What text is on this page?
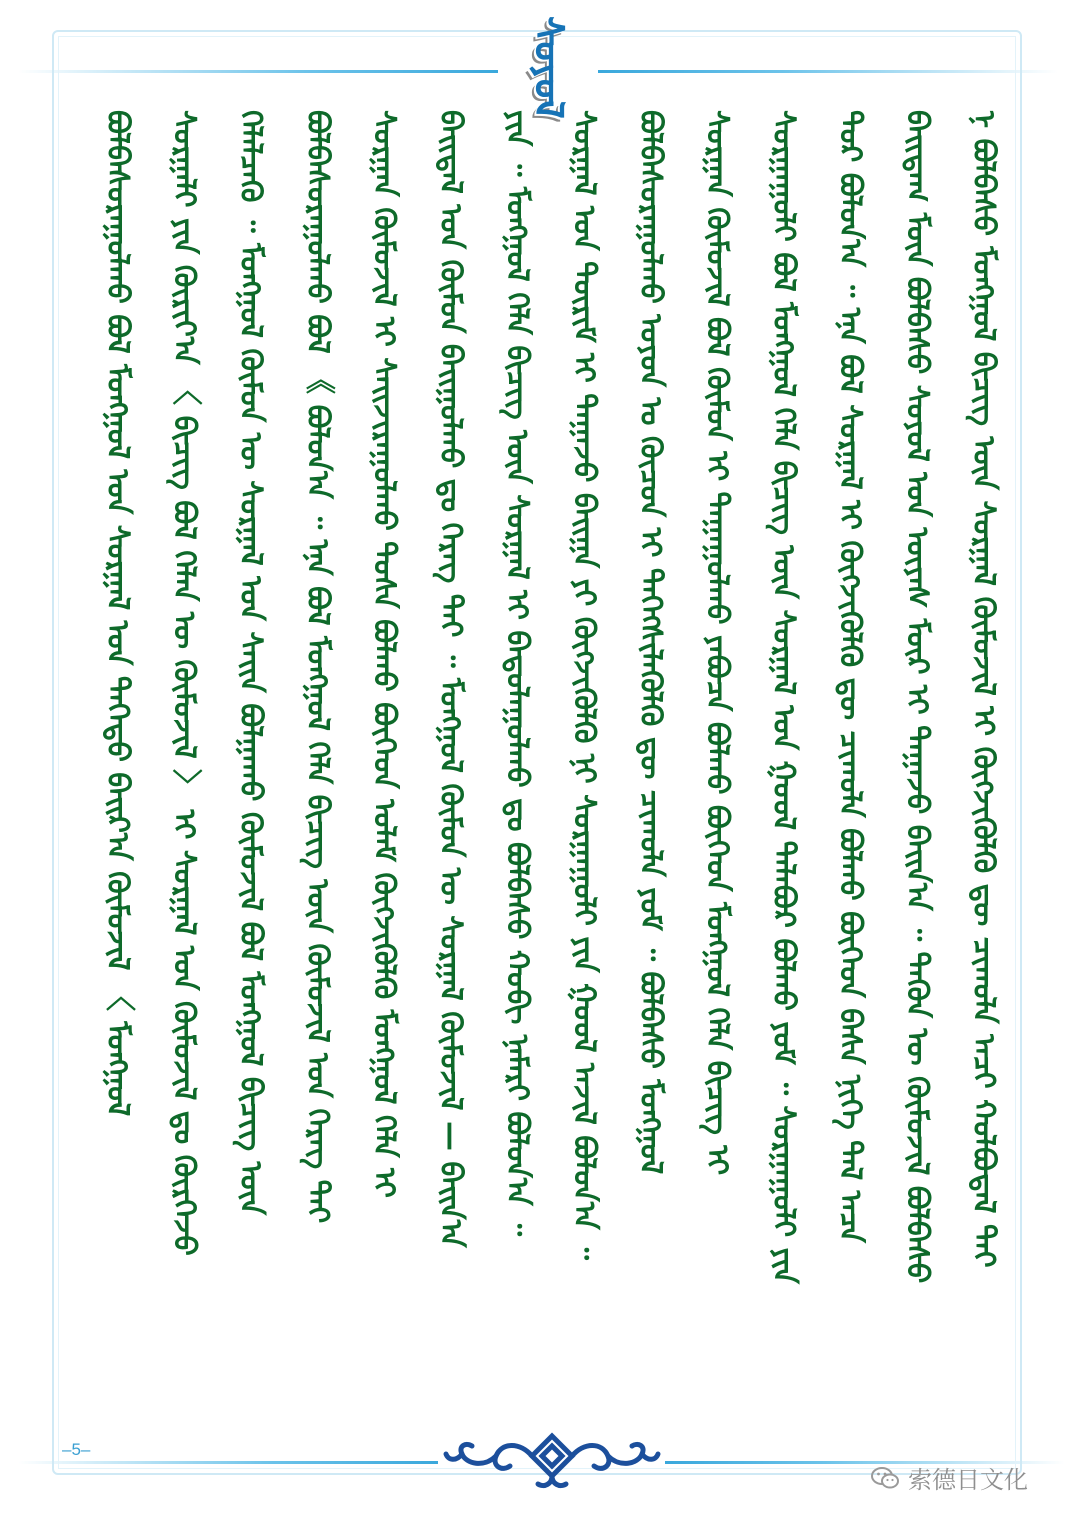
ᠰᠤᠶᠣᠯ
ᠪᠣᠯᠪᠠᠰᠤᠷᠠᠭᠤᠯᠬᠤ ᠪᠣᠯ ᠮᠣᠩᠭᠣᠯ ᠤᠨ ᠰᠤᠷᠭᠠᠯ ᠤᠨ ᠳᠡᠭᠡᠳᠦ ᠪᠠᠢᠷ᠎ᠠ ᠬᠦᠮᠦᠵᠢᠯ 〈 ᠮᠣᠩᠭᠣᠯ ᠰᠤᠷᠭᠠᠯᠢ ᠶᠢᠨ ᠬᠦᠷᠢᠶ᠎ᠠ 〈 ᠪᠢᠴᠢᠭ ᠪᠣᠯ ᠬᠡᠯᠡᠨ ᠦ ᠬᠦᠮᠦᠵᠢᠯ 〉 ᠢ ᠰᠤᠷᠭᠠᠯ ᠤᠨ ᠬᠦᠮᠦᠵᠢᠯ ᠳᠤ ᠬᠦᠷᠭᠡᠵᠦ ᠬᠡᠯᠡᠯᠴᠡᠬᠦ ᠃ ᠮᠣᠩᠭᠣᠯ ᠬᠦᠮᠦᠨ ᠦ ᠰᠤᠷᠭᠠᠯ ᠤᠨ ᠰᠠᠢᠨ ᠪᠣᠯᠭᠠᠬᠤ ᠬᠦᠮᠦᠵᠢᠯ ᠪᠣᠯ ᠮᠣᠩᠭᠣᠯ ᠪᠢᠴᠢᠭ ᠦᠨ ᠪᠣᠯᠪᠠᠰᠤᠷᠠᠭᠤᠯᠬᠤ ᠪᠣᠯ 《 ᠪᠣᠯᠤᠨ᠎ᠠ ᠃ ᠡᠨᠡ ᠪᠣᠯ ᠮᠣᠩᠭᠣᠯ ᠬᠡᠯᠡ ᠪᠢᠴᠢᠭ ᠦᠨ ᠬᠦᠮᠦᠵᠢᠯ ᠤᠨ ᠬᠡᠷᠡᠭ ᠲᠡᠢ ᠰᠤᠷᠭᠠᠨ ᠬᠦᠮᠦᠵᠢᠯ ᠢ ᠰᠠᠢᠵᠢᠷᠠᠭᠤᠯᠬᠤ ᠲᠤᠰᠠ ᠪᠣᠯᠬᠤ ᠪᠥᠭᠡᠳ ᠤᠯᠠᠮ ᠬᠥᠭᠵᠢᠭᠦᠯᠬᠦ ᠮᠣᠩᠭᠣᠯ ᠬᠡᠯᠡ ᠢ ᠪᠠᠢᠳᠠᠯ ᠤᠨ ᠬᠦᠮᠦᠨ ᠪᠠᠢᠭᠤᠯᠬᠤ ᠳᠤ ᠬᠡᠷᠡᠭ ᠲᠡᠢ ᠃ ᠮᠣᠩᠭᠣᠯ ᠬᠦᠮᠦᠨ ᠦ ᠰᠤᠷᠭᠠᠯ ᠬᠦᠮᠦᠵᠢᠯ — ᠪᠠᠢᠨ᠎ᠠ ᠶᠢᠨ ᠃ ᠮᠣᠩᠭᠣᠯ ᠬᠡᠯᠡ ᠪᠢᠴᠢᠭ ᠦᠨ ᠰᠤᠷᠭᠠᠯ ᠢ ᠪᠠᠳᠤᠯᠠᠭᠤᠯᠬᠤ ᠳᠤ ᠪᠣᠯᠪᠠᠰᠤ ᠬᠤᠪᠢ ᠨᠡᠮᠡᠷᠢ ᠪᠣᠯᠤᠨ᠎ᠠ ᠃ ᠰᠤᠷᠭᠠᠯ ᠤᠨ ᠳᠦᠷᠢᠮ ᠢ ᠳᠠᠭᠠᠵᠤ ᠪᠠᠢᠭᠠ ᠶᠢ ᠬᠥᠭᠵᠢᠭᠦᠯᠬᠦ ᠨᠢ ᠰᠤᠷᠭᠠᠭᠤᠯᠢ ᠶᠢᠨ ᠭᠣᠣᠯ ᠠᠵᠢᠯ ᠪᠣᠯᠤᠨ᠎ᠠ ᠃ ᠪᠣᠯᠪᠠᠰᠤᠷᠠᠭᠤᠯᠬᠤ ᠤᠶᠤᠨ ᠤ ᠬᠦᠴᠦᠨ ᠢ ᠳᠡᠭᠡᠭᠰᠢᠯᠡᠭᠦᠯᠬᠦ ᠳᠦ ᠴᠢᠬᠤᠯᠠ ᠶᠤᠮ ᠃ ᠪᠣᠯᠪᠠᠰᠤ ᠮᠣᠩᠭᠣᠯ ᠰᠤᠷᠭᠠᠨ ᠬᠦᠮᠦᠵᠢᠯ ᠪᠣᠯ ᠬᠦᠮᠦᠨ ᠢ ᠳᠠᠭᠠᠭᠤᠯᠬᠤ ᠶᠠᠪᠤᠴᠠ ᠪᠣᠯᠬᠤ ᠪᠥᠭᠡᠳ ᠮᠣᠩᠭᠣᠯ ᠬᠡᠯᠡ ᠪᠢᠴᠢᠭ ᠢ ᠰᠤᠷᠭᠠᠭᠤᠯᠢ ᠪᠣᠯ ᠮᠣᠩᠭᠣᠯ ᠬᠡᠯᠡ ᠪᠢᠴᠢᠭ ᠦᠨ ᠰᠤᠷᠭᠠᠯ ᠤᠨ ᠭᠣᠣᠯ ᠲᠠᠯᠠᠪᠤᠷ ᠪᠣᠯᠬᠤ ᠶᠤᠮ ᠃ ᠰᠤᠷᠭᠠᠭᠤᠯᠢ ᠶᠢᠨ ᠳᠤᠷ ᠪᠣᠯᠤᠨ᠎ᠠ ᠃ ᠡᠨᠡ ᠪᠣᠯ ᠰᠤᠷᠭᠠᠯ ᠢ ᠬᠥᠭᠵᠢᠭᠦᠯᠬᠦ ᠳᠦ ᠴᠢᠬᠤᠯᠠ ᠪᠣᠯᠬᠤ ᠪᠥᠭᠡᠳ ᠪᠠᠰᠠ ᠨᠢᠭᠡ ᠲᠠᠯ ᠠᠴᠠ ᠪᠠᠢᠳᠠᠭ ᠮᠥᠨ ᠪᠣᠯᠪᠠᠰᠤ ᠰᠣᠶᠣᠯ ᠤᠨ ᠦᠶᠡᠰ ᠮᠥᠷ ᠢ ᠳᠠᠭᠠᠵᠤ ᠪᠠᠢᠨ᠎ᠠ ᠃ ᠲᠡᠭᠦᠨ ᠦ ᠬᠦᠮᠦᠵᠢᠯ ᠪᠣᠯᠪᠠᠰᠤ ᠨ ᠪᠣᠯᠪᠠᠰᠤ ᠮᠣᠩᠭᠣᠯ ᠪᠢᠴᠢᠭ ᠦᠨ ᠰᠤᠷᠭᠠᠯ ᠬᠦᠮᠦᠵᠢᠯ ᠢ ᠬᠥᠭᠵᠢᠭᠦᠯᠬᠦ ᠳᠦ ᠴᠢᠬᠤᠯᠠ ᠠᠴᠢ ᠬᠤᠯᠪᠤᠳᠠᠯ ᠲᠠᠢ
–5–
索德日文化
